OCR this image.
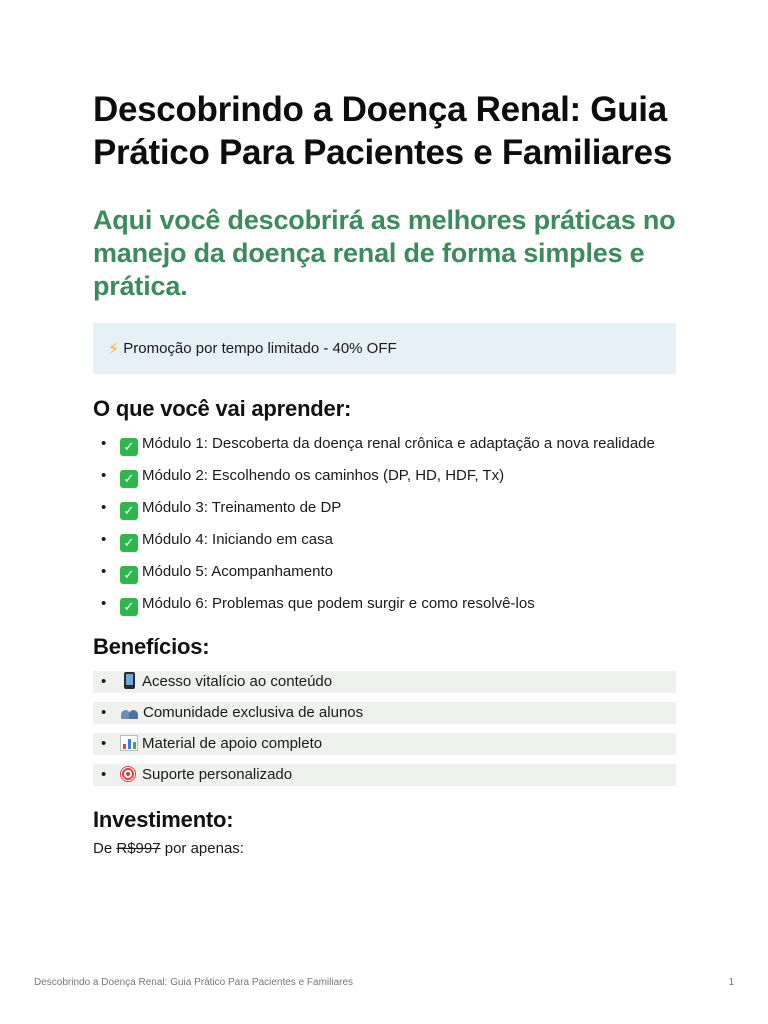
Descobrindo a Doença Renal: Guia Prático Para Pacientes e Familiares

Aqui você descobrirá as melhores práticas no manejo da doença renal de forma simples e prática.

⚡ Promoção por tempo limitado - 40% OFF
O que você vai aprender:
• ✓ Módulo 1: Descoberta da doença renal crônica e adaptação a nova realidade
• ✓ Módulo 2: Escolhendo os caminhos (DP, HD, HDF, Tx)
• ✓ Módulo 3: Treinamento de DP
• ✓ Módulo 4: Iniciando em casa
• ✓ Módulo 5: Acompanhamento
• ✓ Módulo 6: Problemas que podem surgir e como resolvê-los
Benefícios:
• Acesso vitalício ao conteúdo
• Comunidade exclusiva de alunos
• Material de apoio completo
• Suporte personalizado
Investimento:

De R$997 por apenas:

Descobrindo a Doença Renal: Guia Prático Para Pacientes e Familiares	1
